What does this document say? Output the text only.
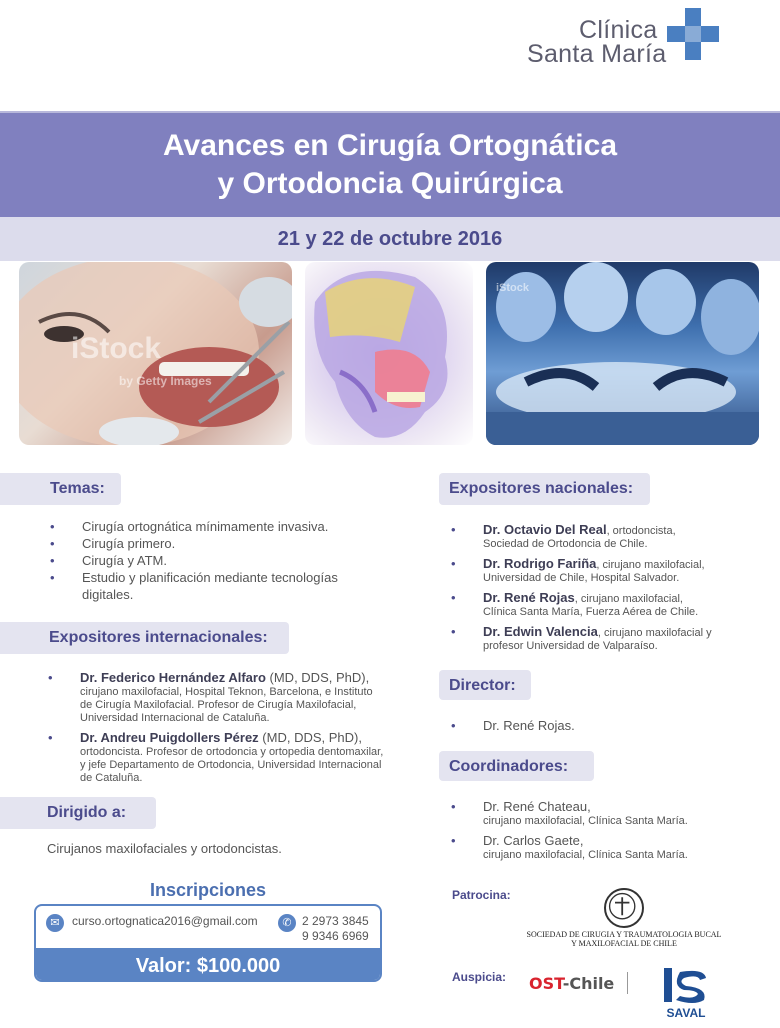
Clínica
Santa María
Avances en Cirugía Ortognática
y Ortodoncia Quirúrgica
21 y 22 de octubre 2016
iStock
by Getty Images
iStock
Temas:
• Cirugía ortognática mínimamente invasiva.
• Cirugía primero.
• Cirugía y ATM.
• Estudio y planificación mediante tecnologías
digitales.
Expositores internacionales:
• Dr. Federico Hernández Alfaro (MD, DDS, PhD),
cirujano maxilofacial, Hospital Teknon, Barcelona, e Instituto
de Cirugía Maxilofacial. Profesor de Cirugía Maxilofacial,
Universidad Internacional de Cataluña.
• Dr. Andreu Puigdollers Pérez (MD, DDS, PhD),
ortodoncista. Profesor de ortodoncia y ortopedia dentomaxilar,
y jefe Departamento de Ortodoncia, Universidad Internacional
de Cataluña.
Dirigido a:
Cirujanos maxilofaciales y ortodoncistas.
Expositores nacionales:
• Dr. Octavio Del Real, ortodoncista,
Sociedad de Ortodoncia de Chile.
• Dr. Rodrigo Fariña, cirujano maxilofacial,
Universidad de Chile, Hospital Salvador.
• Dr. René Rojas, cirujano maxilofacial,
Clínica Santa María, Fuerza Aérea de Chile.
• Dr. Edwin Valencia, cirujano maxilofacial y
profesor Universidad de Valparaíso.
Director:
• Dr. René Rojas.
Coordinadores:
• Dr. René Chateau,
cirujano maxilofacial, Clínica Santa María.
• Dr. Carlos Gaete,
cirujano maxilofacial, Clínica Santa María.
Inscripciones
✉	curso.ortognatica2016@gmail.com	✆ 2 2973 3845
9 9346 6969
Valor: $100.000
Patrocina:
SOCIEDAD DE CIRUGIA Y TRAUMATOLOGIA BUCAL
Y MAXILOFACIAL DE CHILE
Auspicia: OST-Chile
SAVAL
